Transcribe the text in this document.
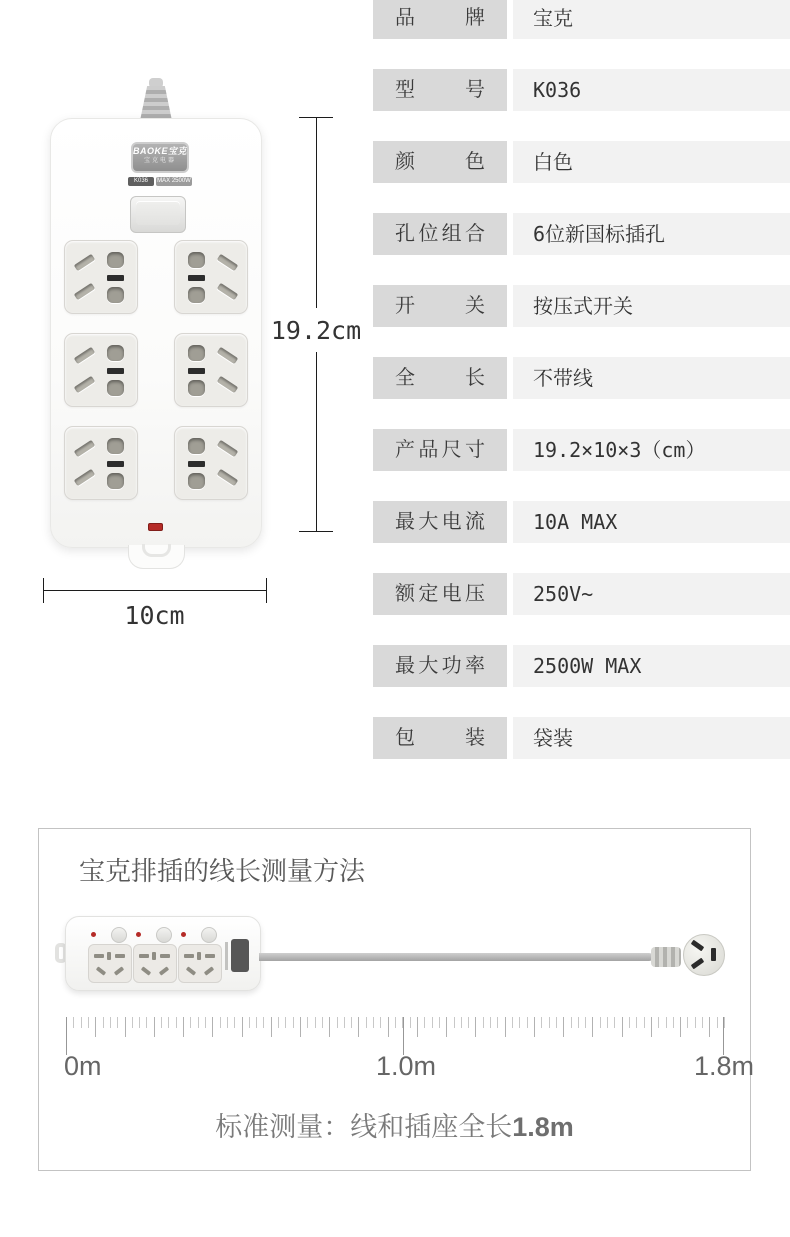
品牌	宝克
型号	K036
颜色	白色
孔位组合	6位新国标插孔
开关	按压式开关
全长	不带线
产品尺寸	19.2×10×3（cm）
最大电流	10A MAX
额定电压	250V~
最大功率	2500W MAX
包装	袋装
BAOKE宝克
宝克电器
K036	MAX 2500W
19.2cm
10cm
宝克排插的线长测量方法
0m	1.0m	1.8m
标准测量：线和插座全长1.8m
